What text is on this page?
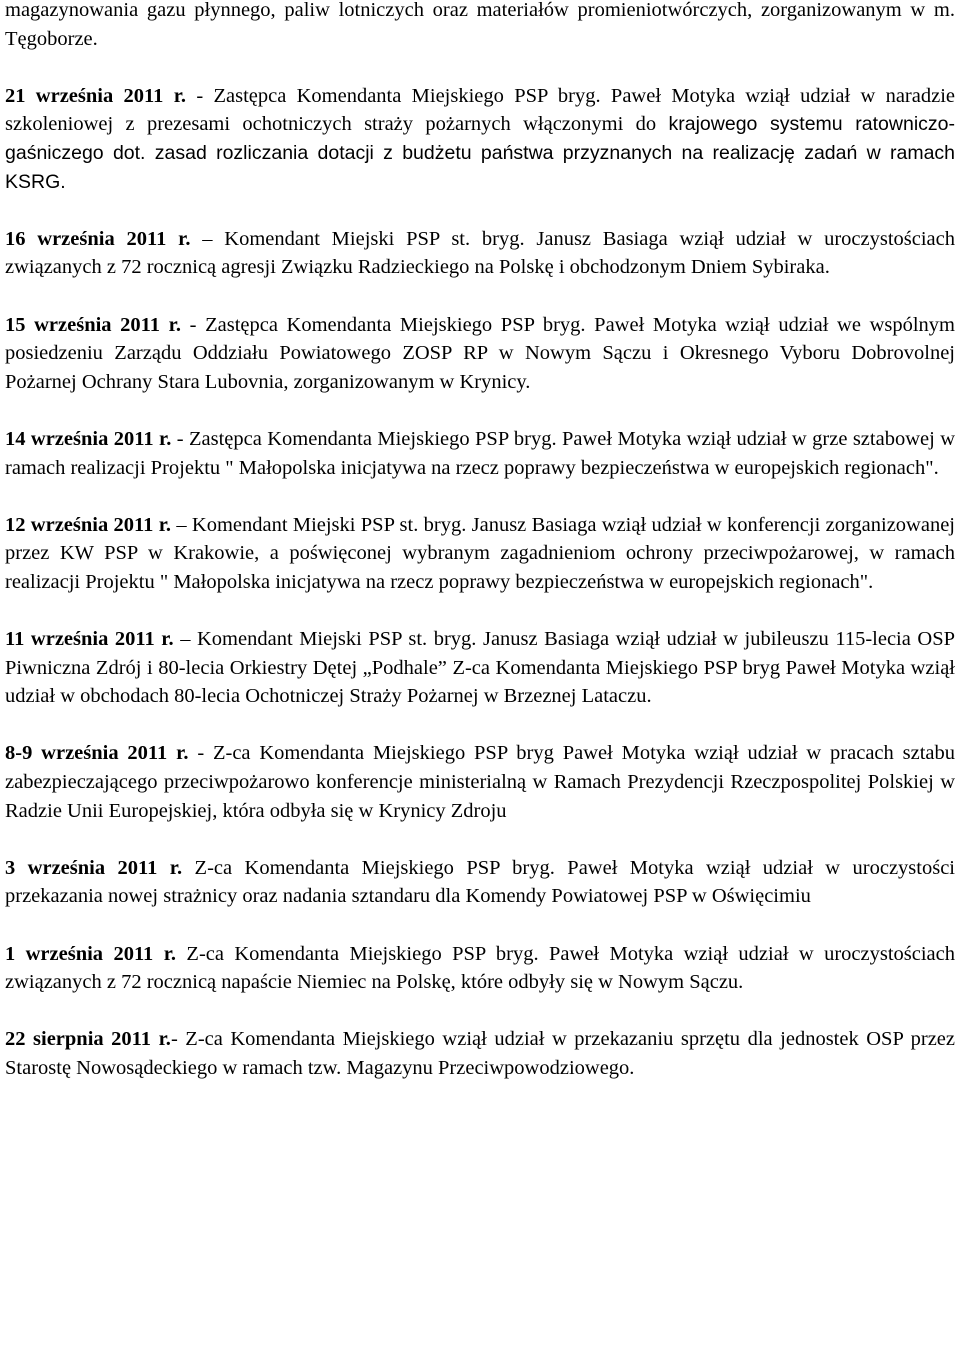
magazynowania gazu płynnego, paliw lotniczych oraz materiałów promieniotwórczych, zorganizowanym w m. Tęgoborze.

21 września 2011 r. - Zastępca Komendanta Miejskiego PSP bryg. Paweł Motyka wziął udział w naradzie szkoleniowej z prezesami ochotniczych straży pożarnych włączonymi do krajowego systemu ratowniczo-gaśniczego dot. zasad rozliczania dotacji z budżetu państwa przyznanych na realizację zadań w ramach KSRG.

16 września 2011 r. – Komendant Miejski PSP st. bryg. Janusz Basiaga wziął udział w uroczystościach związanych z 72 rocznicą agresji Związku Radzieckiego na Polskę i obchodzonym Dniem Sybiraka.

15 września 2011 r. - Zastępca Komendanta Miejskiego PSP bryg. Paweł Motyka wziął udział we wspólnym posiedzeniu Zarządu Oddziału Powiatowego ZOSP RP w Nowym Sączu i Okresnego Vyboru Dobrovolnej Pożarnej Ochrany Stara Lubovnia, zorganizowanym w Krynicy.

14 września 2011 r. - Zastępca Komendanta Miejskiego PSP bryg. Paweł Motyka wziął udział w grze sztabowej w ramach realizacji Projektu " Małopolska inicjatywa na rzecz poprawy bezpieczeństwa w europejskich regionach".

12 września 2011 r. – Komendant Miejski PSP st. bryg. Janusz Basiaga wziął udział w konferencji zorganizowanej przez KW PSP w Krakowie, a poświęconej wybranym zagadnieniom ochrony przeciwpożarowej, w ramach realizacji Projektu " Małopolska inicjatywa na rzecz poprawy bezpieczeństwa w europejskich regionach".

11 września 2011 r. – Komendant Miejski PSP st. bryg. Janusz Basiaga wziął udział w jubileuszu 115-lecia OSP Piwniczna Zdrój i 80-lecia Orkiestry Dętej „Podhale” Z-ca Komendanta Miejskiego PSP bryg Paweł Motyka wziął udział w obchodach 80-lecia Ochotniczej Straży Pożarnej w Brzeznej Lataczu.

8-9 września 2011 r. - Z-ca Komendanta Miejskiego PSP bryg Paweł Motyka wziął udział w pracach sztabu zabezpieczającego przeciwpożarowo konferencje ministerialną w Ramach Prezydencji Rzeczpospolitej Polskiej w Radzie Unii Europejskiej, która odbyła się w Krynicy Zdroju

3 września 2011 r. Z-ca Komendanta Miejskiego PSP bryg. Paweł Motyka wziął udział w uroczystości przekazania nowej strażnicy oraz nadania sztandaru dla Komendy Powiatowej PSP w Oświęcimiu

1 września 2011 r. Z-ca Komendanta Miejskiego PSP bryg. Paweł Motyka wziął udział w uroczystościach związanych z 72 rocznicą napaście Niemiec na Polskę, które odbyły się w Nowym Sączu.

22 sierpnia 2011 r.- Z-ca Komendanta Miejskiego wziął udział w przekazaniu sprzętu dla jednostek OSP przez Starostę Nowosądeckiego w ramach tzw. Magazynu Przeciwpowodziowego.
